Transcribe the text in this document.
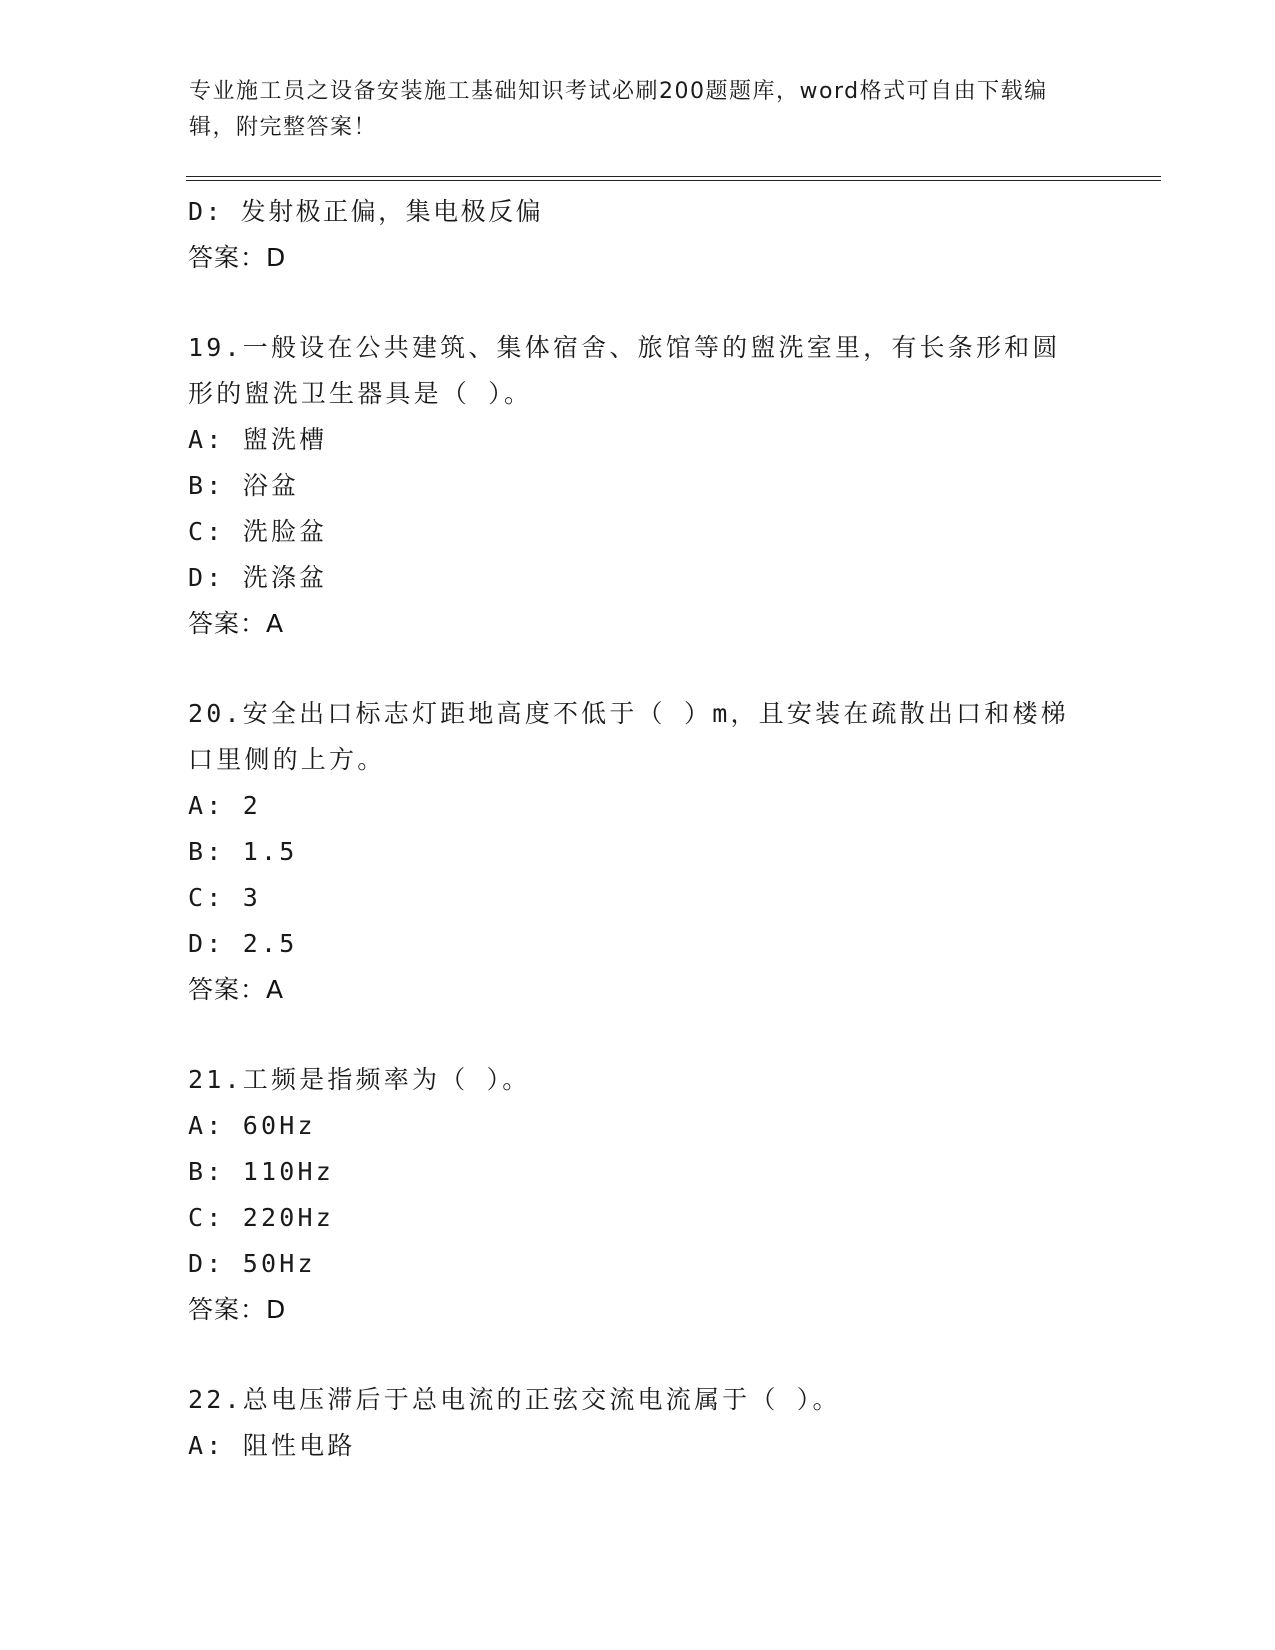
专业施工员之设备安装施工基础知识考试必刷200题题库，word格式可自由下载编辑，附完整答案！
D: 发射极正偏，集电极反偏
答案：D
19.一般设在公共建筑、集体宿舍、旅馆等的盥洗室里，有长条形和圆
形的盥洗卫生器具是（ ）。
A: 盥洗槽
B: 浴盆
C: 洗脸盆
D: 洗涤盆
答案：A
20.安全出口标志灯距地高度不低于（ ）m，且安装在疏散出口和楼梯
口里侧的上方。
A: 2
B: 1.5
C: 3
D: 2.5
答案：A
21.工频是指频率为（ ）。
A: 60Hz
B: 110Hz
C: 220Hz
D: 50Hz
答案：D
22.总电压滞后于总电流的正弦交流电流属于（ ）。
A: 阻性电路
